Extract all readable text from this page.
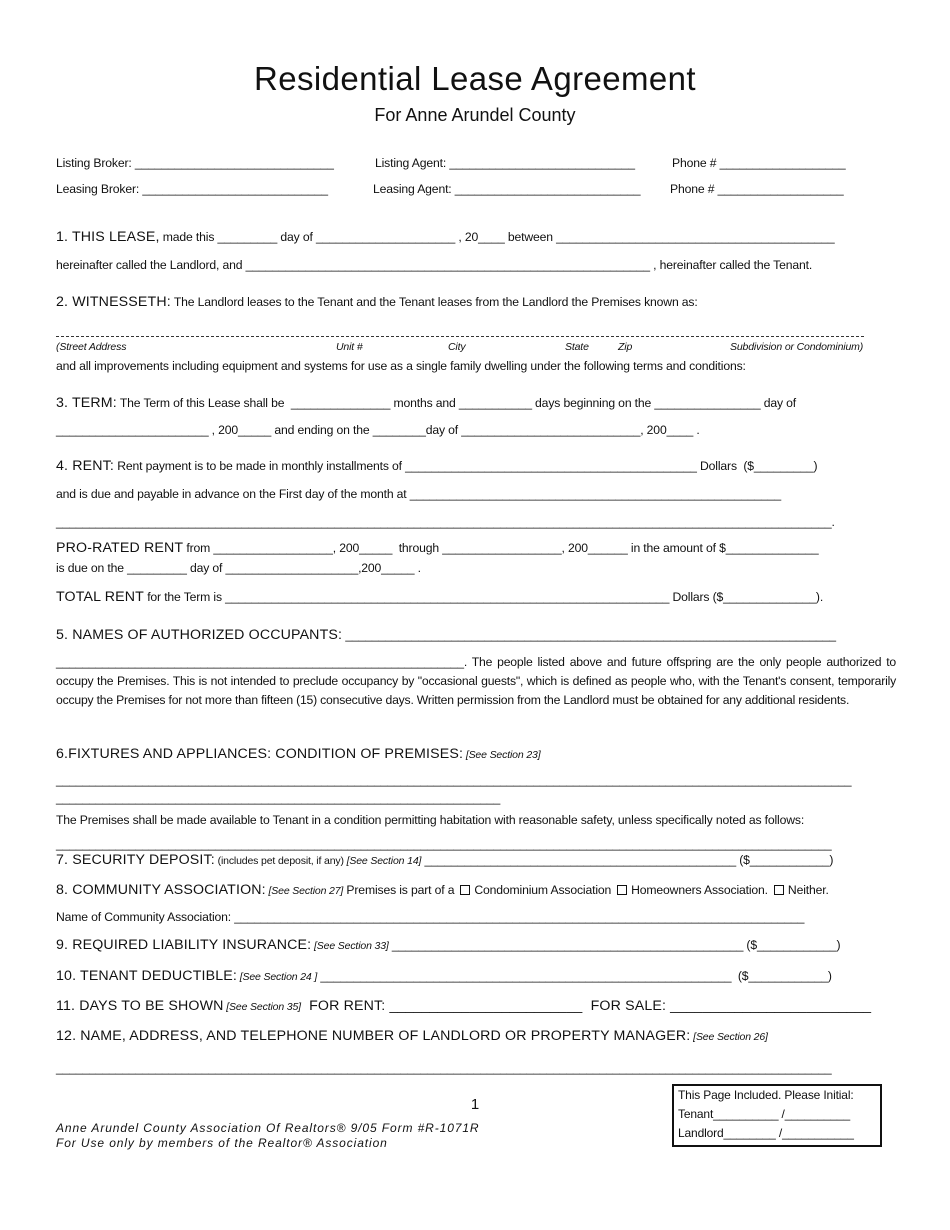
Residential Lease Agreement
For Anne Arundel County
Listing Broker: ______________________________	Listing Agent: ____________________________	Phone # ___________________
Leasing Broker: ____________________________	Leasing Agent: ____________________________ Phone # ___________________
1. THIS LEASE, made this _________ day of _____________________ , 20____ between __________________________________________
hereinafter called the Landlord, and _____________________________________________________________ , hereinafter called the Tenant.
2. WITNESSETH: The Landlord leases to the Tenant and the Tenant leases from the Landlord the Premises known as:
(Street Address	Unit #	City	State	Zip	Subdivision or Condominium)
and all improvements including equipment and systems for use as a single family dwelling under the following terms and conditions:
3. TERM: The Term of this Lease shall be  _______________ months and ___________ days beginning on the ________________ day of
_______________________ , 200_____ and ending on the ________day of ___________________________, 200____ .
4. RENT: Rent payment is to be made in monthly installments of ____________________________________________ Dollars  ($_________)
and is due and payable in advance on the First day of the month at ________________________________________________________
_____________________________________________________________________________________________________________________.
PRO-RATED RENT from __________________, 200_____  through __________________, 200______ in the amount of $______________
is due on the _________ day of ____________________,200_____ .
TOTAL RENT for the Term is ___________________________________________________________________ Dollars ($______________).
5. NAMES OF AUTHORIZED OCCUPANTS: __________________________________________________________________________
______________________________________________________________. The people listed above and future offspring are the only people authorized to occupy the Premises. This is not intended to preclude occupancy by "occasional guests", which is defined as people who, with the Tenant's consent, temporarily occupy the Premises for not more than fifteen (15) consecutive days. Written permission from the Landlord must be obtained for any additional residents.
6.FIXTURES AND APPLIANCES: CONDITION OF PREMISES: [See Section 23]
________________________________________________________________________________________________________________________
___________________________________________________________________
The Premises shall be made available to Tenant in a condition permitting habitation with reasonable safety, unless specifically noted as follows:
_____________________________________________________________________________________________________________________
7. SECURITY DEPOSIT: (includes pet deposit, if any) [See Section 14] _______________________________________________ ($____________)
8. COMMUNITY ASSOCIATION: [See Section 27] Premises is part of a Condominium Association Homeowners Association. Neither.
Name of Community Association: ______________________________________________________________________________________
9. REQUIRED LIABILITY INSURANCE: [See Section 33] _____________________________________________________ ($____________)
10. TENANT DEDUCTIBLE: [See Section 24 ] ______________________________________________________________  ($____________)
11. DAYS TO BE SHOWN [See Section 35]  FOR RENT: ________________________  FOR SALE: _________________________
12. NAME, ADDRESS, AND TELEPHONE NUMBER OF LANDLORD OR PROPERTY MANAGER: [See Section 26]
_____________________________________________________________________________________________________________________
1
This Page Included. Please Initial:
Tenant__________ /__________
Landlord________ /___________
Anne Arundel County Association Of Realtors® 9/05 Form #R-1071R
For Use only by members of the Realtor® Association
